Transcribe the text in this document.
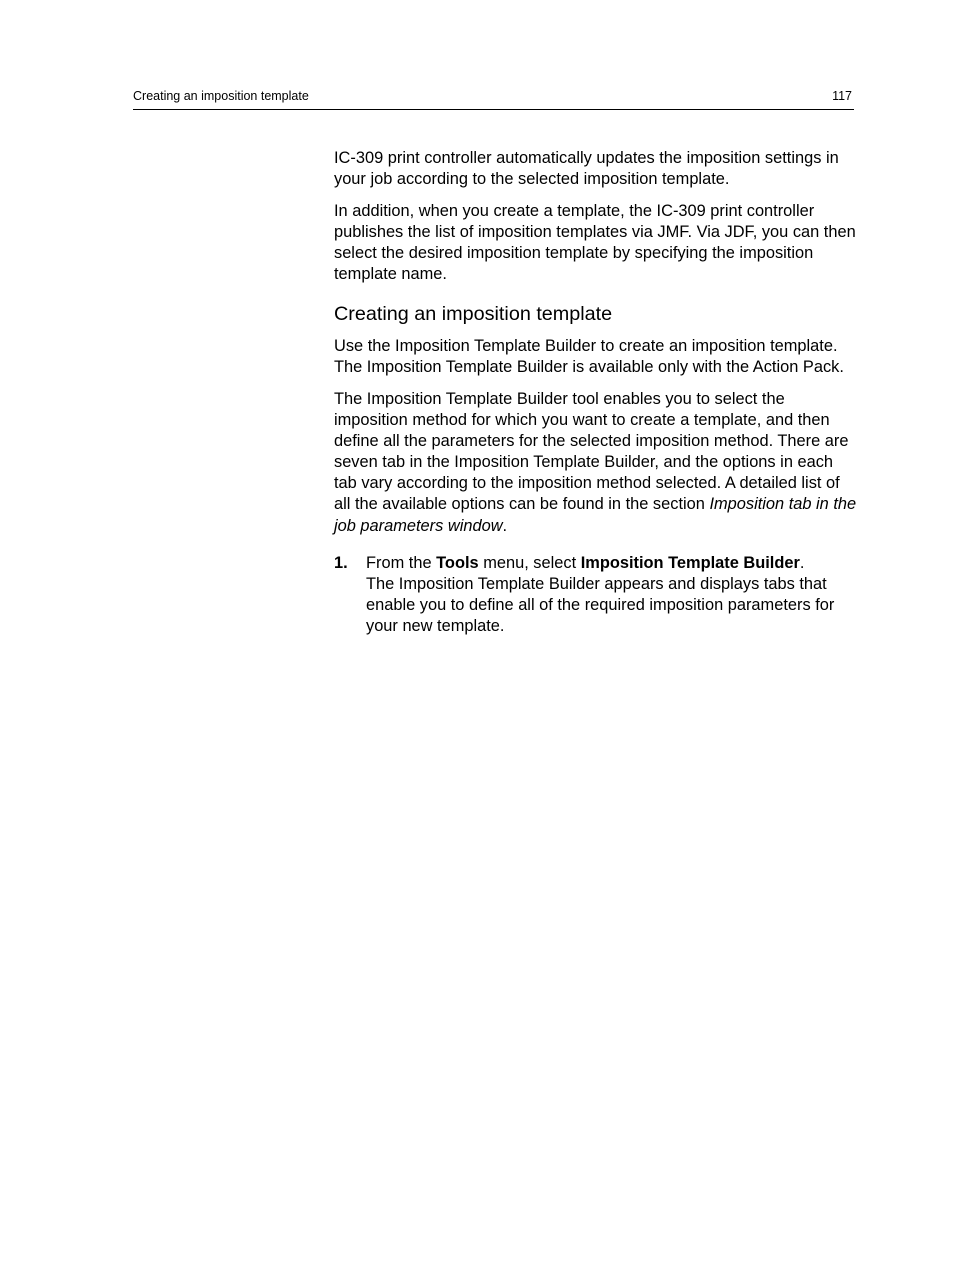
Creating an imposition template	117

IC-309 print controller automatically updates the imposition settings in your job according to the selected imposition template.

In addition, when you create a template, the IC-309 print controller publishes the list of imposition templates via JMF. Via JDF, you can then select the desired imposition template by specifying the imposition template name.

Creating an imposition template

Use the Imposition Template Builder to create an imposition template. The Imposition Template Builder is available only with the Action Pack.

The Imposition Template Builder tool enables you to select the imposition method for which you want to create a template, and then define all the parameters for the selected imposition method. There are seven tab in the Imposition Template Builder, and the options in each tab vary according to the imposition method selected. A detailed list of all the available options can be found in the section Imposition tab in the job parameters window.

1. From the Tools menu, select Imposition Template Builder.
The Imposition Template Builder appears and displays tabs that enable you to define all of the required imposition parameters for your new template.
